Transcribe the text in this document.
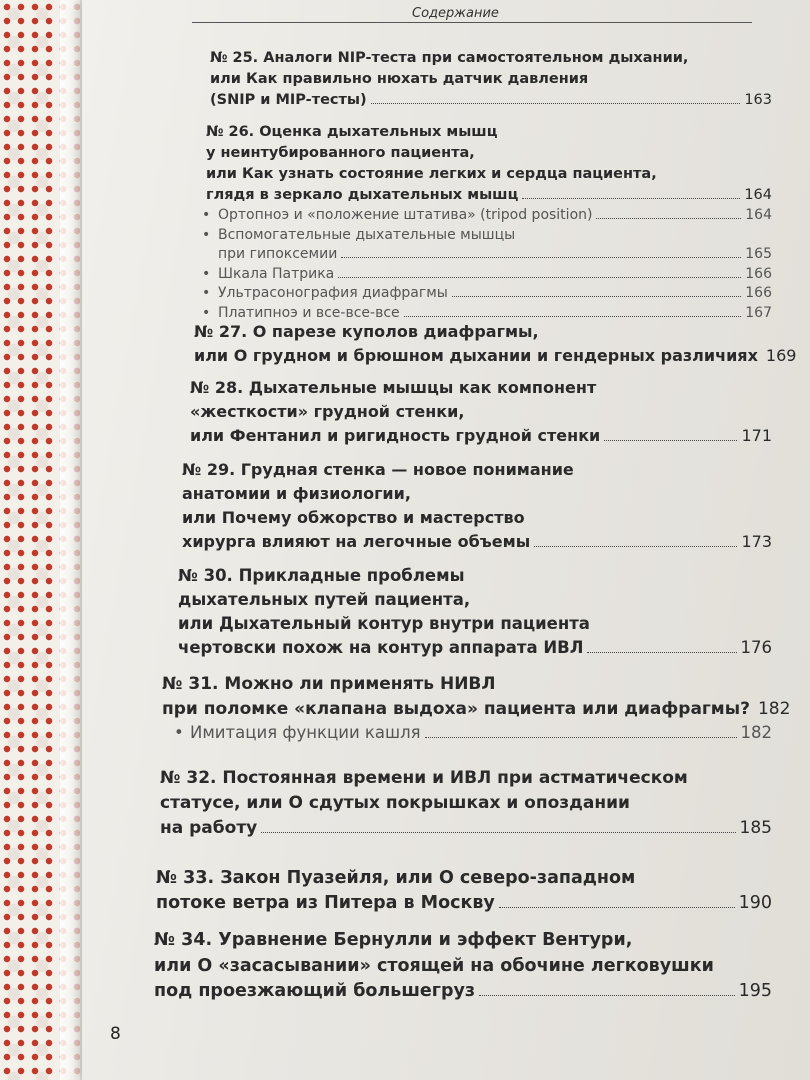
Содержание
№ 25. Аналоги NIP-теста при самостоятельном дыхании,
или Как правильно нюхать датчик давления
(SNIP и MIP-тесты)	163
№ 26. Оценка дыхательных мышц
у неинтубированного пациента,
или Как узнать состояние легких и сердца пациента,
глядя в зеркало дыхательных мышц	164
• Ортопноэ и «положение штатива» (tripod position)	164
• Вспомогательные дыхательные мышцы
при гипоксемии	165
• Шкала Патрика	166
• Ультрасонография диафрагмы	166
• Платипноэ и все-все-все	167
№ 27. О парезе куполов диафрагмы,
или О грудном и брюшном дыхании и гендерных различиях 169
№ 28. Дыхательные мышцы как компонент
«жесткости» грудной стенки,
или Фентанил и ригидность грудной стенки	171
№ 29. Грудная стенка — новое понимание
анатомии и физиологии,
или Почему обжорство и мастерство
хирурга влияют на легочные объемы	173
№ 30. Прикладные проблемы
дыхательных путей пациента,
или Дыхательный контур внутри пациента
чертовски похож на контур аппарата ИВЛ	176
№ 31. Можно ли применять НИВЛ
при поломке «клапана выдоха» пациента или диафрагмы? 182
• Имитация функции кашля	182
№ 32. Постоянная времени и ИВЛ при астматическом
статусе, или О сдутых покрышках и опоздании
на работу	185
№ 33. Закон Пуазейля, или О северо-западном
потоке ветра из Питера в Москву	190
№ 34. Уравнение Бернулли и эффект Вентури,
или О «засасывании» стоящей на обочине легковушки
под проезжающий большегруз	195
8
